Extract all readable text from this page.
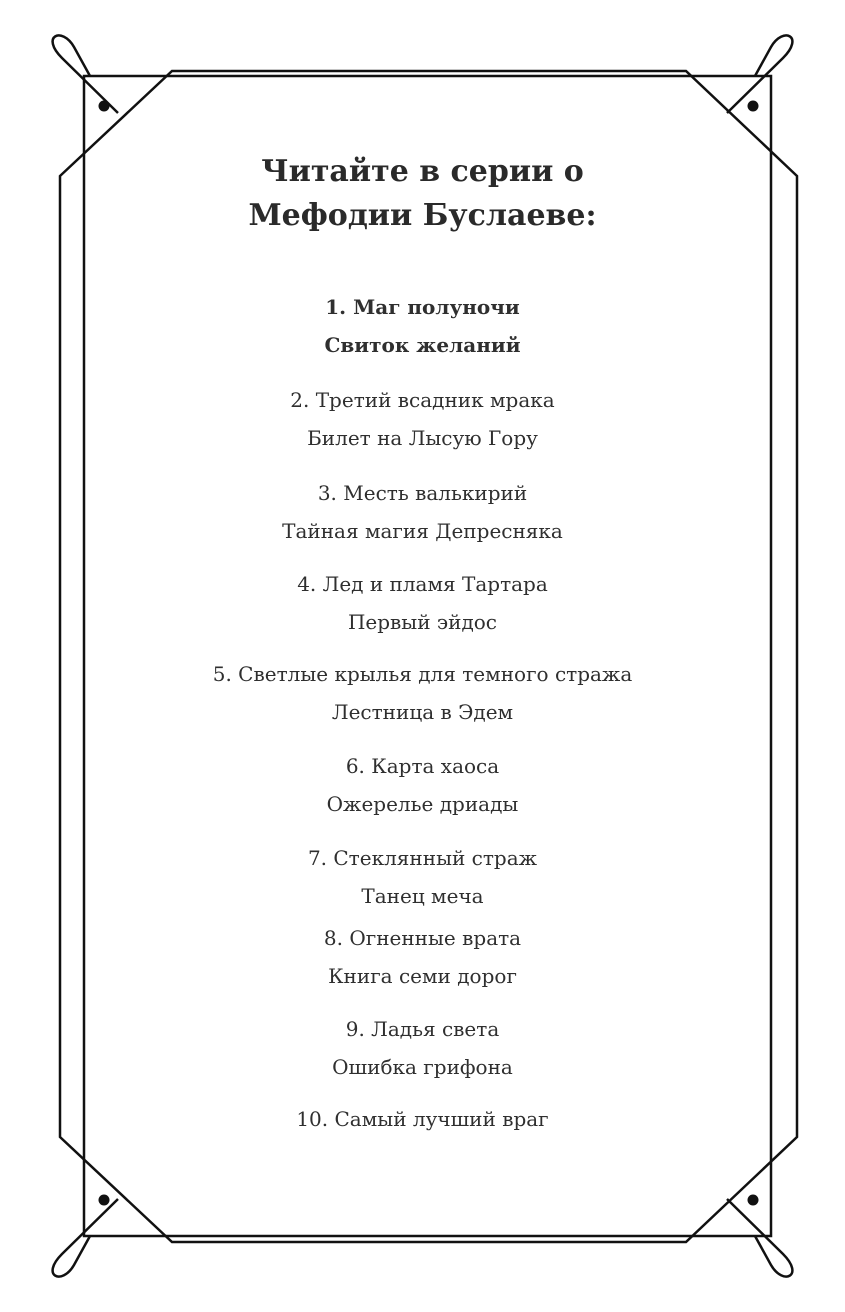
Читайте в серии о
Мефодии Буслаеве:
1. Маг полуночи
Свиток желаний
2. Третий всадник мрака
Билет на Лысую Гору
3. Месть валькирий
Тайная магия Депресняка
4. Лед и пламя Тартара
Первый эйдос
5. Светлые крылья для темного стража
Лестница в Эдем
6. Карта хаоса
Ожерелье дриады
7. Стеклянный страж
Танец меча
8. Огненные врата
Книга семи дорог
9. Ладья света
Ошибка грифона
10. Самый лучший враг
